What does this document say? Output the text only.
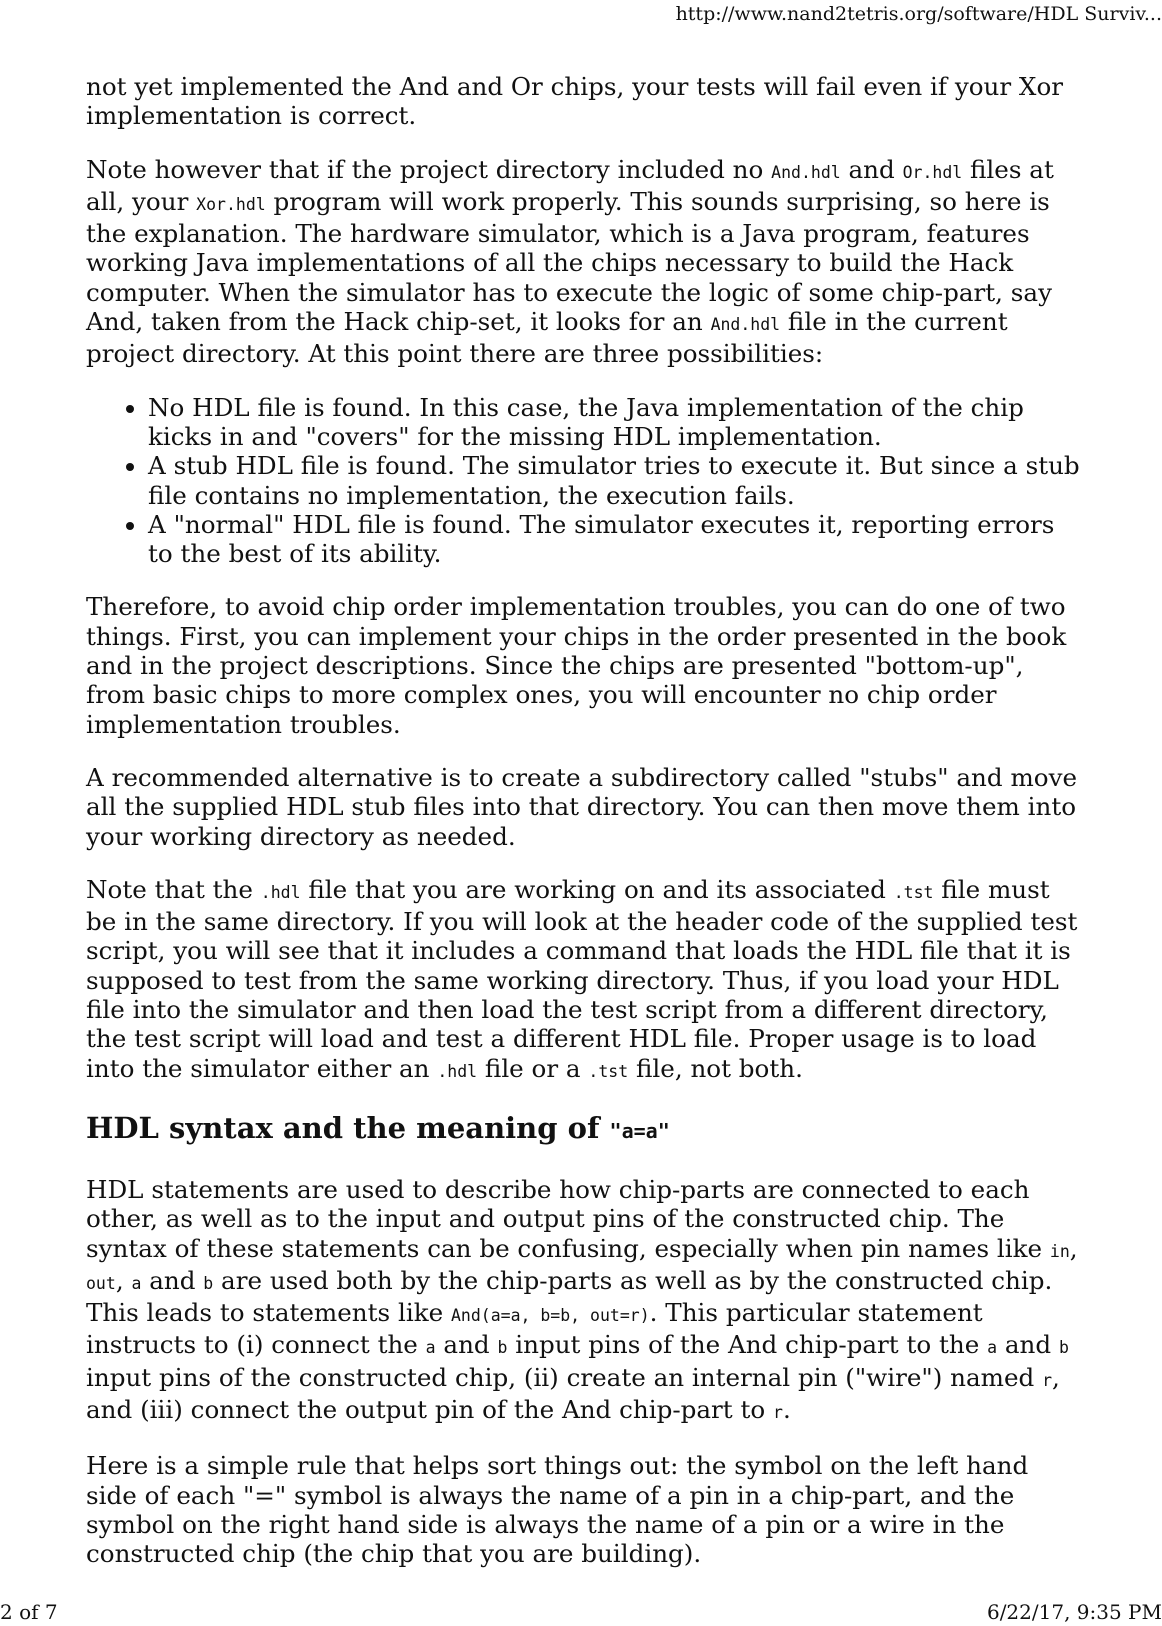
http://www.nand2tetris.org/software/HDL Surviv...

not yet implemented the And and Or chips, your tests will fail even if your Xor implementation is correct.

Note however that if the project directory included no And.hdl and Or.hdl files at all, your Xor.hdl program will work properly. This sounds surprising, so here is the explanation. The hardware simulator, which is a Java program, features working Java implementations of all the chips necessary to build the Hack computer. When the simulator has to execute the logic of some chip-part, say And, taken from the Hack chip-set, it looks for an And.hdl file in the current project directory. At this point there are three possibilities:

• No HDL file is found. In this case, the Java implementation of the chip kicks in and "covers" for the missing HDL implementation.
• A stub HDL file is found. The simulator tries to execute it. But since a stub file contains no implementation, the execution fails.
• A "normal" HDL file is found. The simulator executes it, reporting errors to the best of its ability.

Therefore, to avoid chip order implementation troubles, you can do one of two things. First, you can implement your chips in the order presented in the book and in the project descriptions. Since the chips are presented "bottom-up", from basic chips to more complex ones, you will encounter no chip order implementation troubles.

A recommended alternative is to create a subdirectory called "stubs" and move all the supplied HDL stub files into that directory. You can then move them into your working directory as needed.

Note that the .hdl file that you are working on and its associated .tst file must be in the same directory. If you will look at the header code of the supplied test script, you will see that it includes a command that loads the HDL file that it is supposed to test from the same working directory. Thus, if you load your HDL file into the simulator and then load the test script from a different directory, the test script will load and test a different HDL file. Proper usage is to load into the simulator either an .hdl file or a .tst file, not both.

HDL syntax and the meaning of "a=a"

HDL statements are used to describe how chip-parts are connected to each other, as well as to the input and output pins of the constructed chip. The syntax of these statements can be confusing, especially when pin names like in, out, a and b are used both by the chip-parts as well as by the constructed chip. This leads to statements like And(a=a, b=b, out=r). This particular statement instructs to (i) connect the a and b input pins of the And chip-part to the a and b input pins of the constructed chip, (ii) create an internal pin ("wire") named r, and (iii) connect the output pin of the And chip-part to r.

Here is a simple rule that helps sort things out: the symbol on the left hand side of each "=" symbol is always the name of a pin in a chip-part, and the symbol on the right hand side is always the name of a pin or a wire in the constructed chip (the chip that you are building).

2 of 7	6/22/17, 9:35 PM
